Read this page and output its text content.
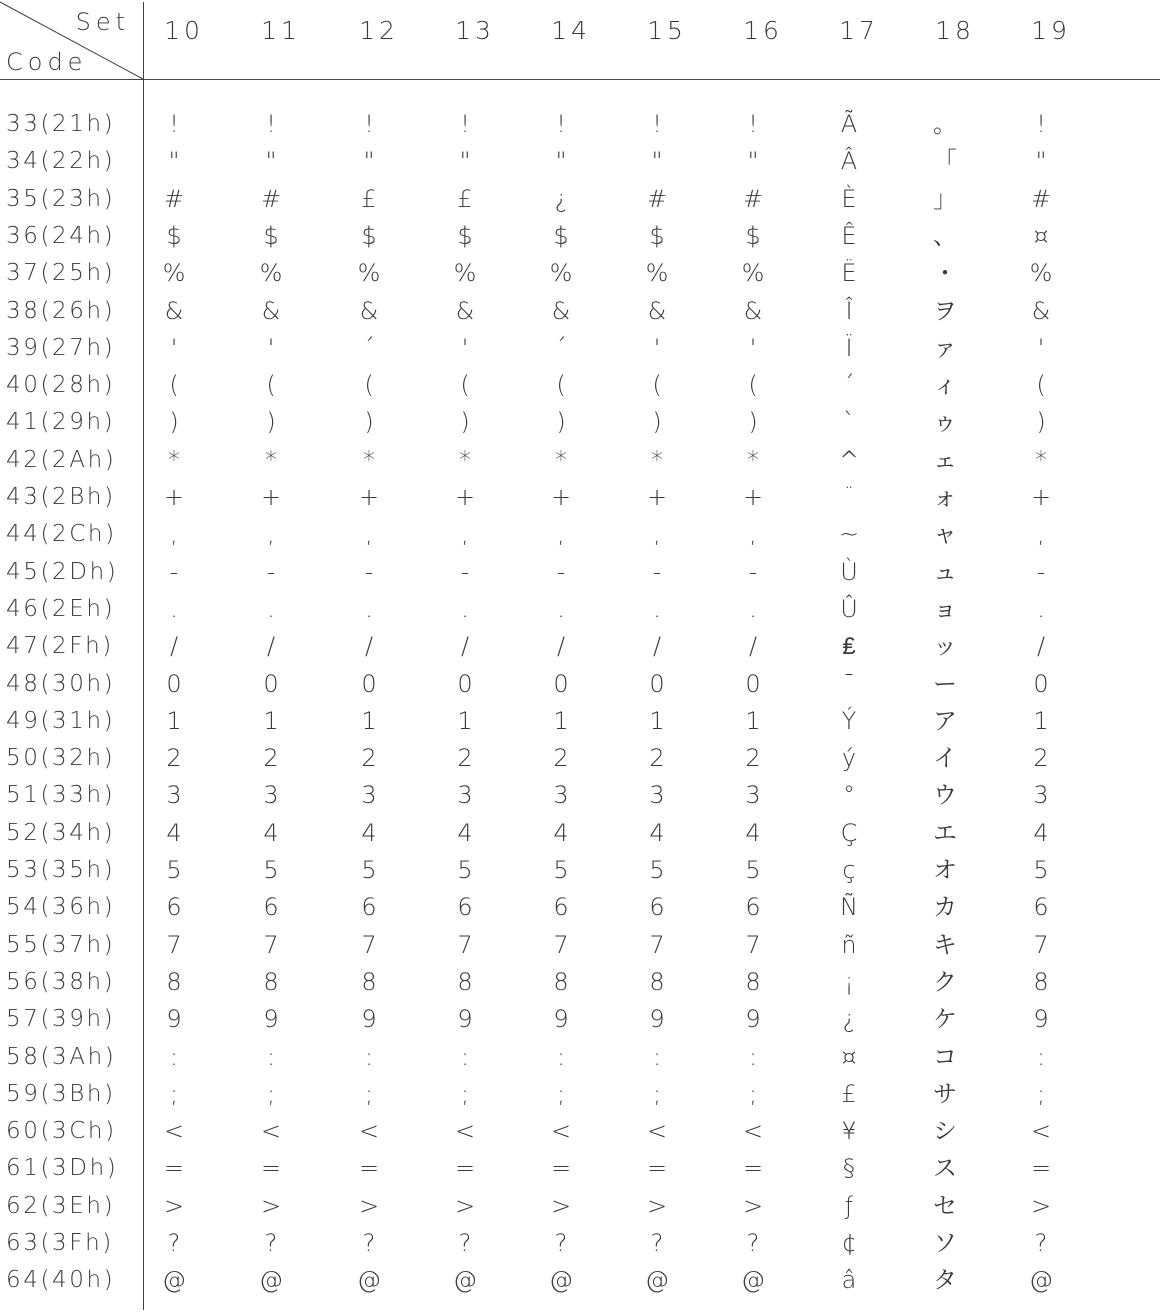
Set
Code
10 11 12 13 14 15 16 17 18 19
33(21h)	!	!	!	!	!	!	!	Ã	。	!
34(22h)	"	"	"	"	"	"	"	Â	「	"
35(23h)	#	#	£	£	¿	#	#	È	」	#
36(24h)	$	$	$	$	$	$	$	Ê	、	¤
37(25h)	%	%	%	%	%	%	%	Ë	・	%
38(26h)	&	&	&	&	&	&	&	Î	ヲ	&
39(27h)	'	'	´	'	´	'	'	Ï	ァ	'
40(28h)	(	(	(	(	(	(	(	´	ィ	(
41(29h)	)	)	)	)	)	)	)	`	ゥ	)
42(2Ah)	*	*	*	*	*	*	*	^	ェ	*
43(2Bh)	+	+	+	+	+	+	+	¨	ォ	+
44(2Ch)	,	,	,	,	,	,	,	~	ャ	,
45(2Dh)	-	-	-	-	-	-	-	Ù	ュ	-
46(2Eh)	.	.	.	.	.	.	.	Û	ョ	.
47(2Fh)	/	/	/	/	/	/	/	₤	ッ	/
48(30h)	0	0	0	0	0	0	0	¯	ー	0
49(31h)	1	1	1	1	1	1	1	Ý	ア	1
50(32h)	2	2	2	2	2	2	2	ý	イ	2
51(33h)	3	3	3	3	3	3	3	°	ウ	3
52(34h)	4	4	4	4	4	4	4	Ç	エ	4
53(35h)	5	5	5	5	5	5	5	ç	オ	5
54(36h)	6	6	6	6	6	6	6	Ñ	カ	6
55(37h)	7	7	7	7	7	7	7	ñ	キ	7
56(38h)	8	8	8	8	8	8	8	¡	ク	8
57(39h)	9	9	9	9	9	9	9	¿	ケ	9
58(3Ah)	:	:	:	:	:	:	:	¤	コ	:
59(3Bh)	;	;	;	;	;	;	;	£	サ	;
60(3Ch)	<	<	<	<	<	<	<	¥	シ	<
61(3Dh)	=	=	=	=	=	=	=	§	ス	=
62(3Eh)	>	>	>	>	>	>	>	ƒ	セ	>
63(3Fh)	?	?	?	?	?	?	?	¢	ソ	?
64(40h)	@	@	@	@	@	@	@	â	タ	@
